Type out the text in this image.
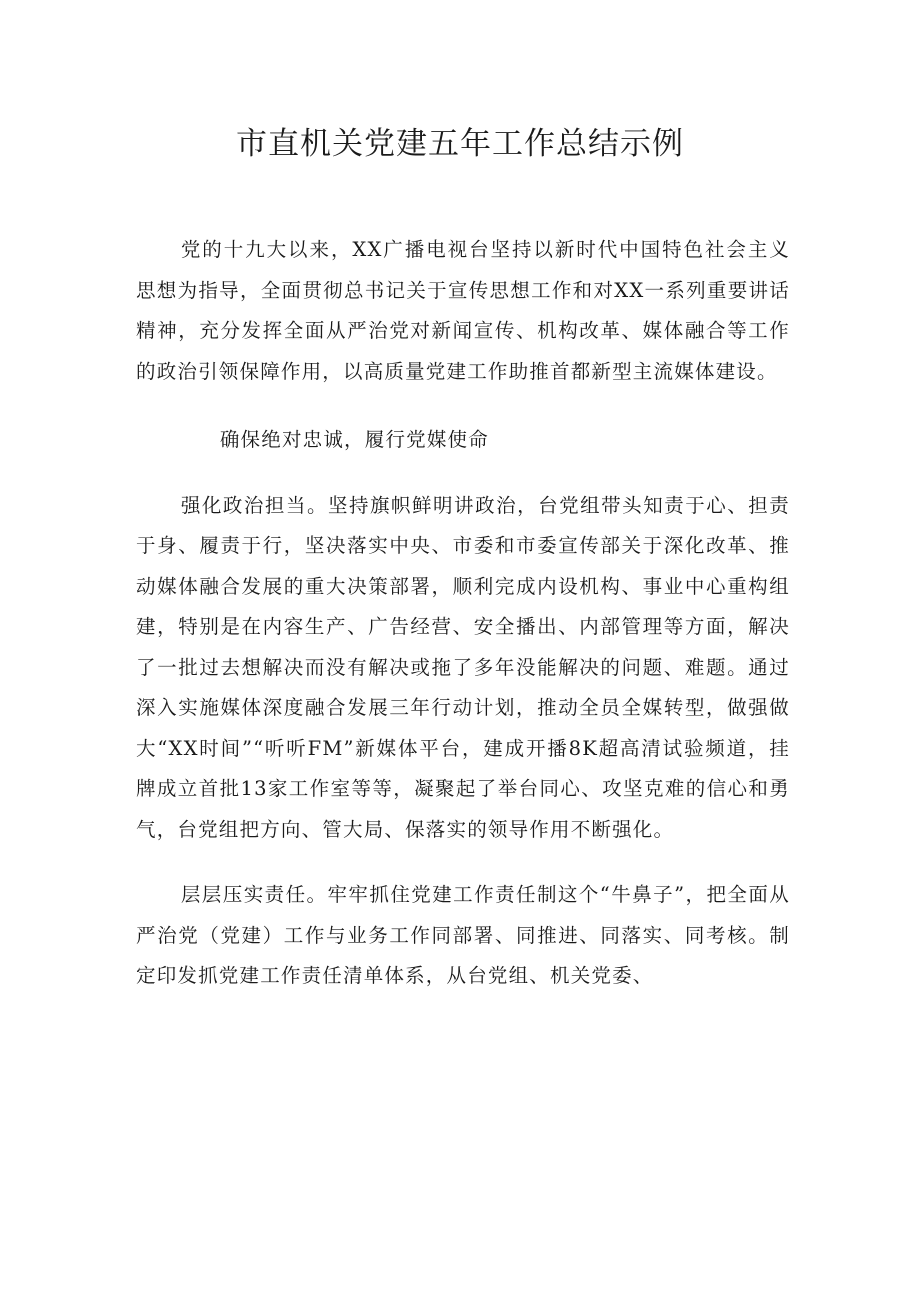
市直机关党建五年工作总结示例

党的十九大以来，XX广播电视台坚持以新时代中国特色社会主义思想为指导，全面贯彻总书记关于宣传思想工作和对XX一系列重要讲话精神，充分发挥全面从严治党对新闻宣传、机构改革、媒体融合等工作的政治引领保障作用，以高质量党建工作助推首都新型主流媒体建设。

确保绝对忠诚，履行党媒使命

强化政治担当。坚持旗帜鲜明讲政治，台党组带头知责于心、担责于身、履责于行，坚决落实中央、市委和市委宣传部关于深化改革、推动媒体融合发展的重大决策部署，顺利完成内设机构、事业中心重构组建，特别是在内容生产、广告经营、安全播出、内部管理等方面，解决了一批过去想解决而没有解决或拖了多年没能解决的问题、难题。通过深入实施媒体深度融合发展三年行动计划，推动全员全媒转型，做强做大“XX时间”“听听FM”新媒体平台，建成开播8K超高清试验频道，挂牌成立首批13家工作室等等，凝聚起了举台同心、攻坚克难的信心和勇气，台党组把方向、管大局、保落实的领导作用不断强化。

层层压实责任。牢牢抓住党建工作责任制这个“牛鼻子”，把全面从严治党（党建）工作与业务工作同部署、同推进、同落实、同考核。制定印发抓党建工作责任清单体系，从台党组、机关党委、
